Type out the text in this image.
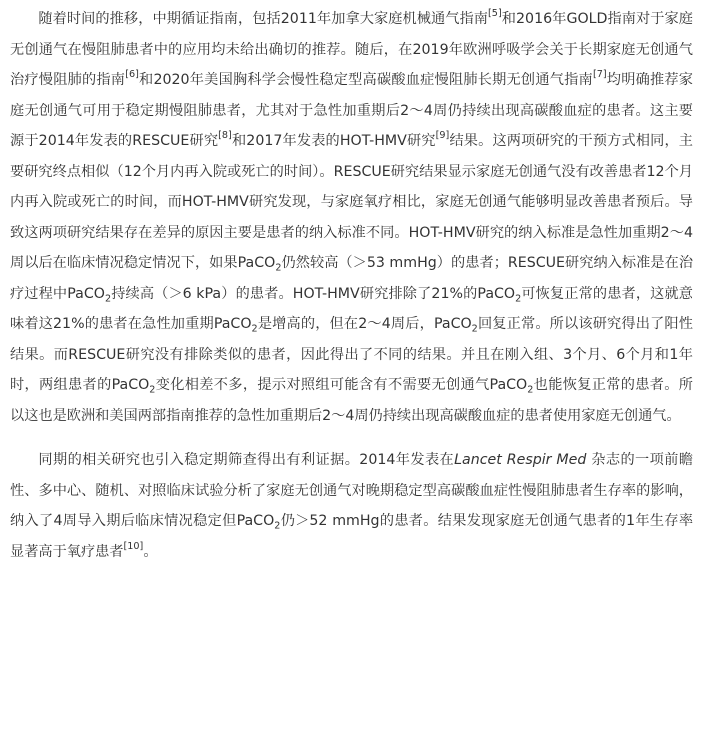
随着时间的推移，中期循证指南，包括2011年加拿大家庭机械通气指南[5]和2016年GOLD指南对于家庭无创通气在慢阻肺患者中的应用均未给出确切的推荐。随后，在2019年欧洲呼吸学会关于长期家庭无创通气治疗慢阻肺的指南[6]和2020年美国胸科学会慢性稳定型高碳酸血症慢阻肺长期无创通气指南[7]均明确推荐家庭无创通气可用于稳定期慢阻肺患者，尤其对于急性加重期后2～4周仍持续出现高碳酸血症的患者。这主要源于2014年发表的RESCUE研究[8]和2017年发表的HOT-HMV研究[9]结果。这两项研究的干预方式相同，主要研究终点相似（12个月内再入院或死亡的时间）。RESCUE研究结果显示家庭无创通气没有改善患者12个月内再入院或死亡的时间，而HOT-HMV研究发现，与家庭氧疗相比，家庭无创通气能够明显改善患者预后。导致这两项研究结果存在差异的原因主要是患者的纳入标准不同。HOT-HMV研究的纳入标准是急性加重期2～4周以后在临床情况稳定情况下，如果PaCO$_2$仍然较高（＞53 mmHg）的患者；RESCUE研究纳入标准是在治疗过程中PaCO$_2$持续高（＞6 kPa）的患者。HOT-HMV研究排除了21%的PaCO$_2$可恢复正常的患者，这就意味着这21%的患者在急性加重期PaCO$_2$是增高的，但在2～4周后，PaCO$_2$回复正常。所以该研究得出了阳性结果。而RESCUE研究没有排除类似的患者，因此得出了不同的结果。并且在刚入组、3个月、6个月和1年时，两组患者的PaCO$_2$变化相差不多，提示对照组可能含有不需要无创通气PaCO$_2$也能恢复正常的患者。所以这也是欧洲和美国两部指南推荐的急性加重期后2～4周仍持续出现高碳酸血症的患者使用家庭无创通气。

同期的相关研究也引入稳定期筛查得出有利证据。2014年发表在Lancet Respir Med 杂志的一项前瞻性、多中心、随机、对照临床试验分析了家庭无创通气对晚期稳定型高碳酸血症性慢阻肺患者生存率的影响，纳入了4周导入期后临床情况稳定但PaCO$_2$仍＞52 mmHg的患者。结果发现家庭无创通气患者的1年生存率显著高于氧疗患者[10]。
